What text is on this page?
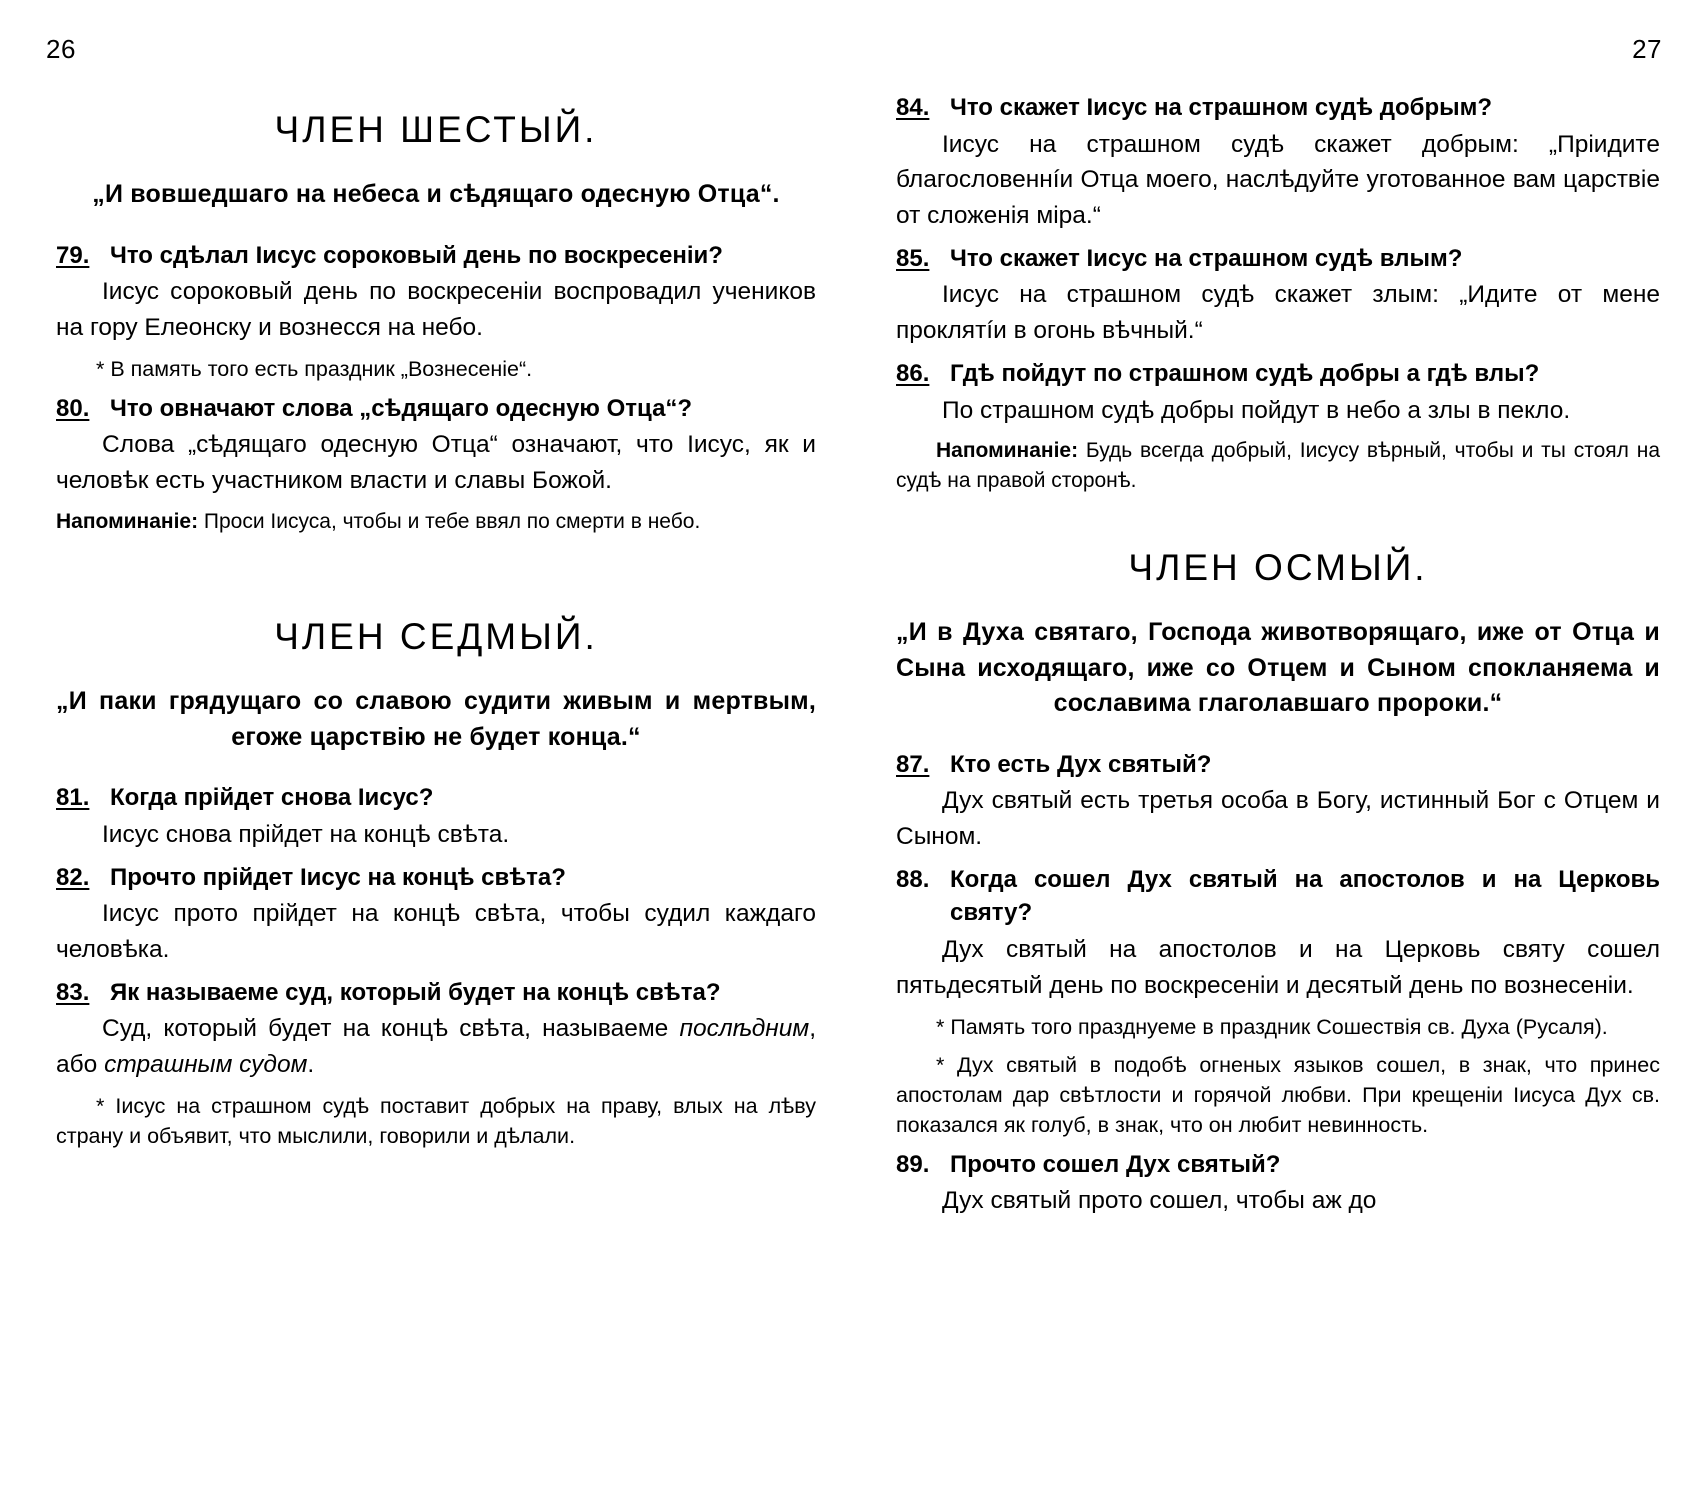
26	27
ЧЛЕН ШЕСТЫЙ.
„И вовшедшаго на небеса и сѣдящаго одесную Отца“.
79. Что сдѣлал Іисус сороковый день по воскресеніи?
Іисус сороковый день по воскресеніи воспровадил учеников на гору Елеонску и вознесся на небо.
* В память того есть праздник „Вознесеніе“.
80. Что овначают слова „сѣдящаго одесную Отца“?
Слова „сѣдящаго одесную Отца“ означают, что Іисус, як и человѣк есть участником власти и славы Божой.
Напоминаніе: Проси Іисуса, чтобы и тебе ввял по смерти в небо.
ЧЛЕН СЕДМЫЙ.
„И паки грядущаго со славою судити живым и мертвым, егоже царствію не будет конца.“
81. Когда прійдет снова Іисус?
Іисус снова прійдет на концѣ свѣта.
82. Прочто прійдет Іисус на концѣ свѣта?
Іисус прото прійдет на концѣ свѣта, чтобы судил каждаго человѣка.
83. Як называеме суд, который будет на концѣ свѣта?
Суд, который будет на концѣ свѣта, называеме послѣдним, або страшным судом.
* Іисус на страшном судѣ поставит добрых на праву, влых на лѣву страну и объявит, что мыслили, говорили и дѣлали.
84. Что скажет Іисус на страшном судѣ добрым?
Іисус на страшном судѣ скажет добрым: „Пріидите благословеннíи Отца моего, наслѣдуйте уготованное вам царствіе от сложенія міра.“
85. Что скажет Іисус на страшном судѣ влым?
Іисус на страшном судѣ скажет злым: „Идите от мене проклятíи в огонь вѣчный.“
86. Гдѣ пойдут по страшном судѣ добры а гдѣ влы?
По страшном судѣ добры пойдут в небо а злы в пекло.
Напоминаніе: Будь всегда добрый, Іисусу вѣрный, чтобы и ты стоял на судѣ на правой сторонѣ.
ЧЛЕН ОСМЫЙ.
„И в Духа святаго, Господа животворящаго, иже от Отца и Сына исходящаго, иже со Отцем и Сыном спокланяема и сославима глаголавшаго пророки.“
87. Кто есть Дух святый?
Дух святый есть третья особа в Богу, истинный Бог с Отцем и Сыном.
88. Когда сошел Дух святый на апостолов и на Церковь святу?
Дух святый на апостолов и на Церковь святу сошел пятьдесятый день по воскресеніи и десятый день по вознесеніи.
* Память того празднуеме в праздник Сошествія св. Духа (Русаля).
* Дух святый в подобѣ огненых языков сошел, в знак, что принес апостолам дар свѣтлости и горячой любви. При крещеніи Іисуса Дух св. показался як голуб, в знак, что он любит невинность.
89. Прочто сошел Дух святый?
Дух святый прото сошел, чтобы аж до
